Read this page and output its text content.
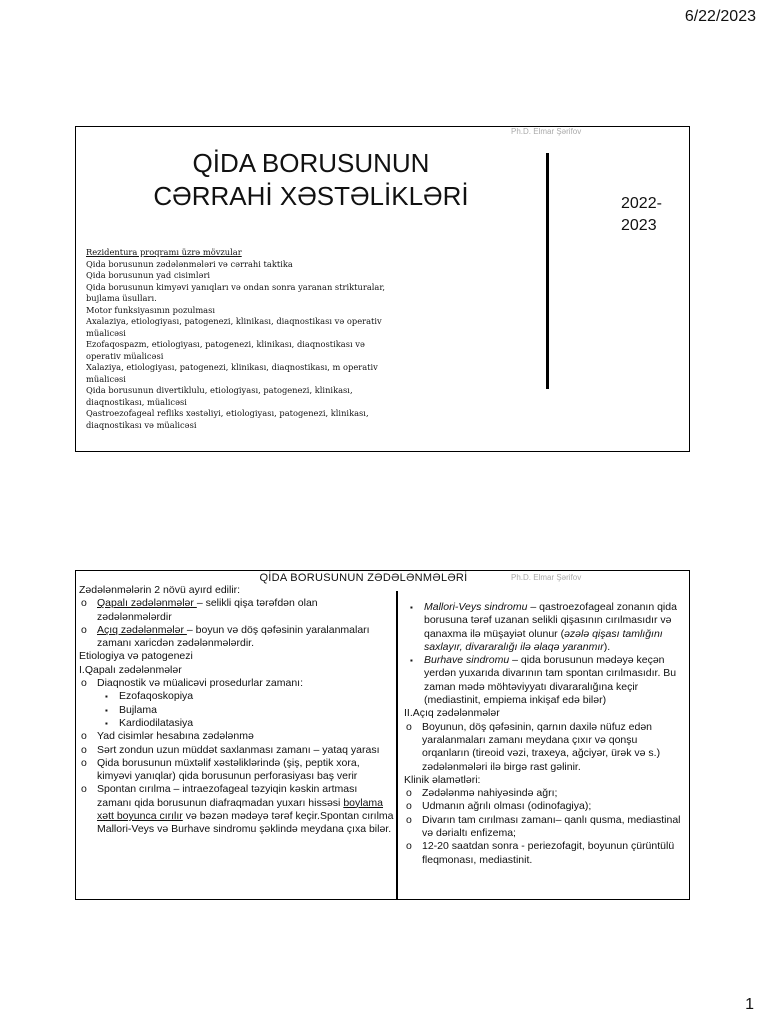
6/22/2023
Ph.D. Elmar Şərifov
QİDA BORUSUNUN
CƏRRAHİ XƏSTƏLİKLƏRİ	2022-
2023
Rezidentura proqramı üzrə mövzular
Qida borusunun zədələnmələri və cərrahi taktika
Qida borusunun yad cisimləri
Qida borusunun kimyəvi yanıqları və ondan sonra yaranan strikturalar,
bujlama üsulları.
Motor funksiyasının pozulması
Axalaziya, etiologiyası, patogenezi, klinikası, diaqnostikası və operativ
müalicəsi
Ezofaqospazm, etiologiyası, patogenezi, klinikası, diaqnostikası və
operativ müalicəsi
Xalaziya, etiologiyası, patogenezi, klinikası, diaqnostikası, m operativ
müalicəsi
Qida borusunun divertiklulu, etiologiyası, patogenezi, klinikası,
diaqnostikası, müalicəsi
Qastroezofageal refliks xəstəliyi, etiologiyası, patogenezi, klinikası,
diaqnostikası və müalicəsi
QİDA BORUSUNUN ZƏDƏLƏNMƏLƏRİ	Ph.D. Elmar Şərifov
Zədələnmələrin 2 növü ayırd edilir:
o Qapalı zədələnmələr – selikli qişa tərəfdən olan zədələnmələrdir
o Açıq zədələnmələr – boyun və döş qəfəsinin yaralanmaları zamanı xaricdən zədələnmələrdir.
Etiologiya və patogenezi
I.Qapalı zədələnmələr
o Diaqnostik və müalicəvi prosedurlar zamanı:
▪ Ezofaqoskopiya
▪ Bujlama
▪ Kardiodilatasiya
o Yad cisimlər hesabına zədələnmə
o Sərt zondun uzun müddət saxlanması zamanı – yataq yarası
o Qida borusunun müxtəlif xəstəliklərində (şiş, peptik xora, kimyəvi yanıqlar) qida borusunun perforasiyası baş verir
o Spontan cırılma – intraezofageal təzyiqin kəskin artması zamanı qida borusunun diafraqmadan yuxarı hissəsi boylama xətt boyunca cırılır və bəzən mədəyə tərəf keçir.Spontan cırılma Mallori-Veys və Burhave sindromu şəklində meydana çıxa bilər.
▪ Mallori-Veys sindromu – qastroezofageal zonanın qida borusuna tərəf uzanan selikli qişasının cırılmasıdır və qanaxma ilə müşayiət olunur (əzələ qişası tamlığını saxlayır, divararalığı ilə əlaqə yaranmır).
▪ Burhave sindromu – qida borusunun mədəyə keçən yerdən yuxarıda divarının tam spontan cırılmasıdır. Bu zaman mədə möhtəviyyatı divararalığına keçir (mediastinit, empiema inkişaf edə bilər)
II.Açıq zədələnmələr
o Boyunun, döş qəfəsinin, qarnın daxilə nüfuz edən yaralanmaları zamanı meydana çıxır və qonşu orqanların (tireoid vəzi, traxeya, ağciyər, ürək və s.) zədələnmələri ilə birgə rast gəlinir.
Klinik əlamətləri:
o Zədələnmə nahiyəsində ağrı;
o Udmanın ağrılı olması (odinofagiya);
o Divarın tam cırılması zamanı– qanlı qusma, mediastinal və dərialtı enfizema;
o 12-20 saatdan sonra - periezofagit, boyunun çürüntülü fleqmonası, mediastinit.
1
